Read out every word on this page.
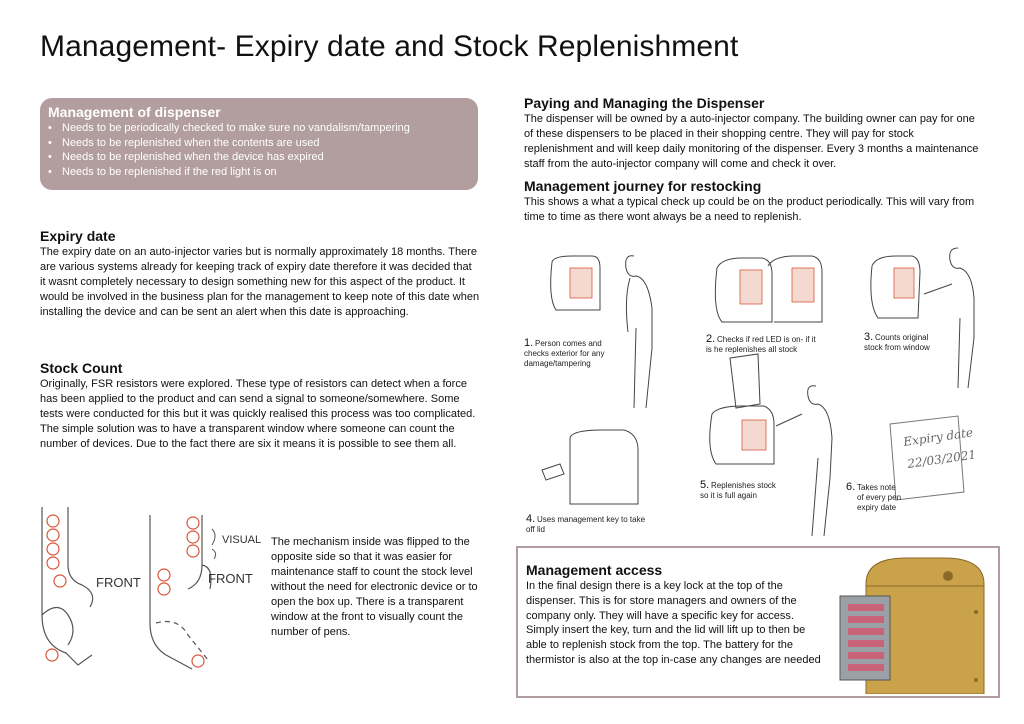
Management- Expiry date and Stock Replenishment
Management of dispenser
• Needs to be periodically checked to make sure no vandalism/tampering
• Needs to be replenished when the contents are used
• Needs to be replenished when the device has expired
• Needs to be replenished if the red light is on
Expiry date

The expiry date on an auto-injector varies but is normally approximately 18 months. There are various systems already for keeping track of expiry date therefore it was decided that it wasnt completely necessary to design something new for this aspect of the product. It would be involved in the business plan for the management to keep note of this date when installing the device and can be sent an alert when this date is approaching.

Stock Count

Originally, FSR resistors were explored. These type of resistors can detect when a force has been applied to the product and can send a signal to someone/somewhere. Some tests were conducted for this but it was quickly realised this process was too complicated.

The simple solution was to have a transparent window where someone can count the number of devices. Due to the fact there are six it means it is possible to see them all.

FRONT	FRONT
VISUAL The mechanism inside was flipped to the opposite side so that it was easier for maintenance staff to count the stock level without the need for electronic device or to open the box up. There is a transparent window at the front to visually count the number of pens.

Paying and Managing the Dispenser

The dispenser will be owned by a auto-injector company. The building owner can pay for one of these dispensers to be placed in their shopping centre. They will pay for stock replenishment and will keep daily monitoring of the dispenser. Every 3 months a maintenance staff from the auto-injector company will come and check it over.

Management journey for restocking

This shows a what a typical check up could be on the product periodically. This will vary from time to time as there wont always be a need to replenish.

Expiry date
22/03/2021
1. Person comes and
checks exterior for any
damage/tampering
2. Checks if red LED is on- if it
is he replenishes all stock
3. Counts original
stock from window
4. Uses management key to take
off lid
5. Replenishes stock
so it is full again
6. Takes note
of every pen
expiry date
Management access

In the final design there is a key lock at the top of the dispenser. This is for store managers and owners of the company only. They will have a specific key for access. Simply insert the key, turn and the lid will lift up to then be able to replenish stock from the top. The battery for the thermistor is also at the top in-case any changes are needed
